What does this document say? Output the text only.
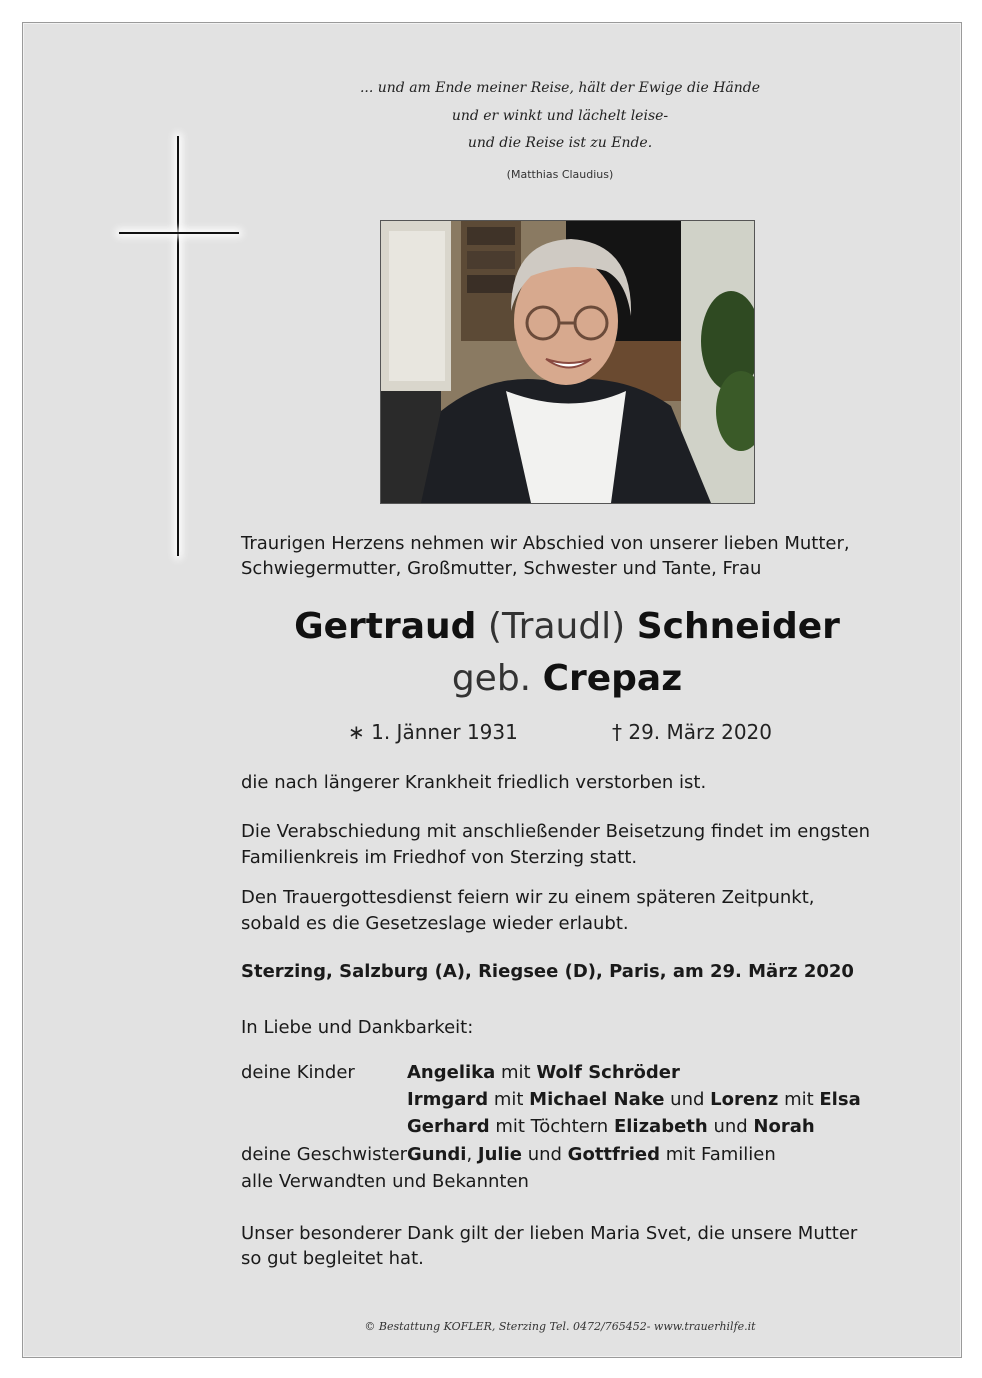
... und am Ende meiner Reise, hält der Ewige die Hände
und er winkt und lächelt leise-
und die Reise ist zu Ende.
(Matthias Claudius)
Traurigen Herzens nehmen wir Abschied von unserer lieben Mutter,
Schwiegermutter, Großmutter, Schwester und Tante, Frau
Gertraud (Traudl) Schneider
geb. Crepaz
∗ 1. Jänner 1931	† 29. März 2020
die nach längerer Krankheit friedlich verstorben ist.
Die Verabschiedung mit anschließender Beisetzung findet im engsten
Familienkreis im Friedhof von Sterzing statt.
Den Trauergottesdienst feiern wir zu einem späteren Zeitpunkt,
sobald es die Gesetzeslage wieder erlaubt.
Sterzing, Salzburg (A), Riegsee (D), Paris, am 29. März 2020
In Liebe und Dankbarkeit:
deine Kinder	Angelika mit Wolf Schröder
Irmgard mit Michael Nake und Lorenz mit Elsa
Gerhard mit Töchtern Elizabeth und Norah
deine Geschwister Gundi, Julie und Gottfried mit Familien
alle Verwandten und Bekannten
Unser besonderer Dank gilt der lieben Maria Svet, die unsere Mutter
so gut begleitet hat.
© Bestattung KOFLER, Sterzing Tel. 0472/765452- www.trauerhilfe.it
